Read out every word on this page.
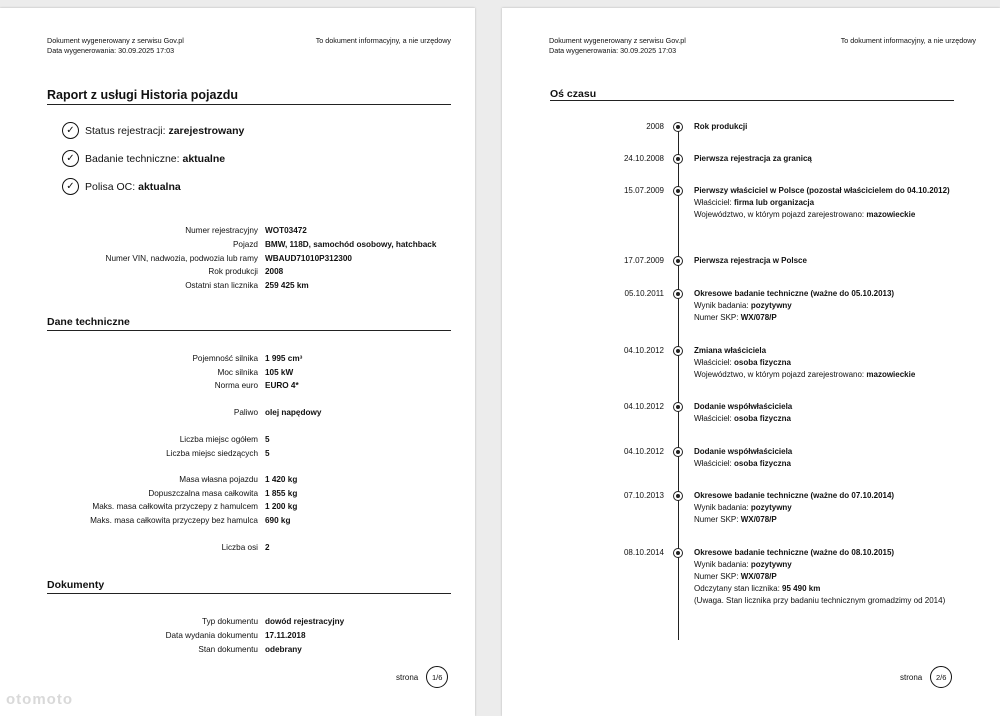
Dokument wygenerowany z serwisu Gov.pl
Data wygenerowania: 30.09.2025 17:03
To dokument informacyjny, a nie urzędowy
Raport z usługi Historia pojazdu
✓ Status rejestracji:
zarejestrowany
✓ Badanie techniczne:
aktualne
✓ Polisa OC:
aktualna
Numer rejestracyjny WOT03472
Pojazd BMW, 118D, samochód osobowy, hatchback
Numer VIN, nadwozia, podwozia lub ramy WBAUD71010P312300
Rok produkcji 2008
Ostatni stan licznika 259 425 km
Dane techniczne
Pojemność silnika 1 995 cm³
Moc silnika 105 kW
Norma euro EURO 4*
Paliwo olej napędowy
Liczba miejsc ogółem 5
Liczba miejsc siedzących 5
Masa własna pojazdu 1 420 kg
Dopuszczalna masa całkowita 1 855 kg
Maks. masa całkowita przyczepy z hamulcem 1 200 kg
Maks. masa całkowita przyczepy bez hamulca 690 kg
Liczba osi 2
Dokumenty
Typ dokumentu dowód rejestracyjny
Data wydania dokumentu 17.11.2018
Stan dokumentu odebrany
strona	1/6
Dokument wygenerowany z serwisu Gov.pl
Data wygenerowania: 30.09.2025 17:03
To dokument informacyjny, a nie urzędowy
Oś czasu
2008	Rok produkcji
24.10.2008	Pierwsza rejestracja za granicą
15.07.2009	Pierwszy właściciel w Polsce (pozostał właścicielem do 04.10.2012)
Właściciel: firma lub organizacja
Województwo, w którym pojazd zarejestrowano: mazowieckie
17.07.2009	Pierwsza rejestracja w Polsce
05.10.2011	Okresowe badanie techniczne (ważne do 05.10.2013)
Wynik badania: pozytywny
Numer SKP: WX/078/P
04.10.2012	Zmiana właściciela
Właściciel: osoba fizyczna
Województwo, w którym pojazd zarejestrowano: mazowieckie
04.10.2012	Dodanie współwłaściciela
Właściciel: osoba fizyczna
04.10.2012	Dodanie współwłaściciela
Właściciel: osoba fizyczna
07.10.2013	Okresowe badanie techniczne (ważne do 07.10.2014)
Wynik badania: pozytywny
Numer SKP: WX/078/P
08.10.2014	Okresowe badanie techniczne (ważne do 08.10.2015)
Wynik badania: pozytywny
Numer SKP: WX/078/P
Odczytany stan licznika: 95 490 km
(Uwaga. Stan licznika przy badaniu technicznym gromadzimy od 2014)
strona	2/6
otomoto
